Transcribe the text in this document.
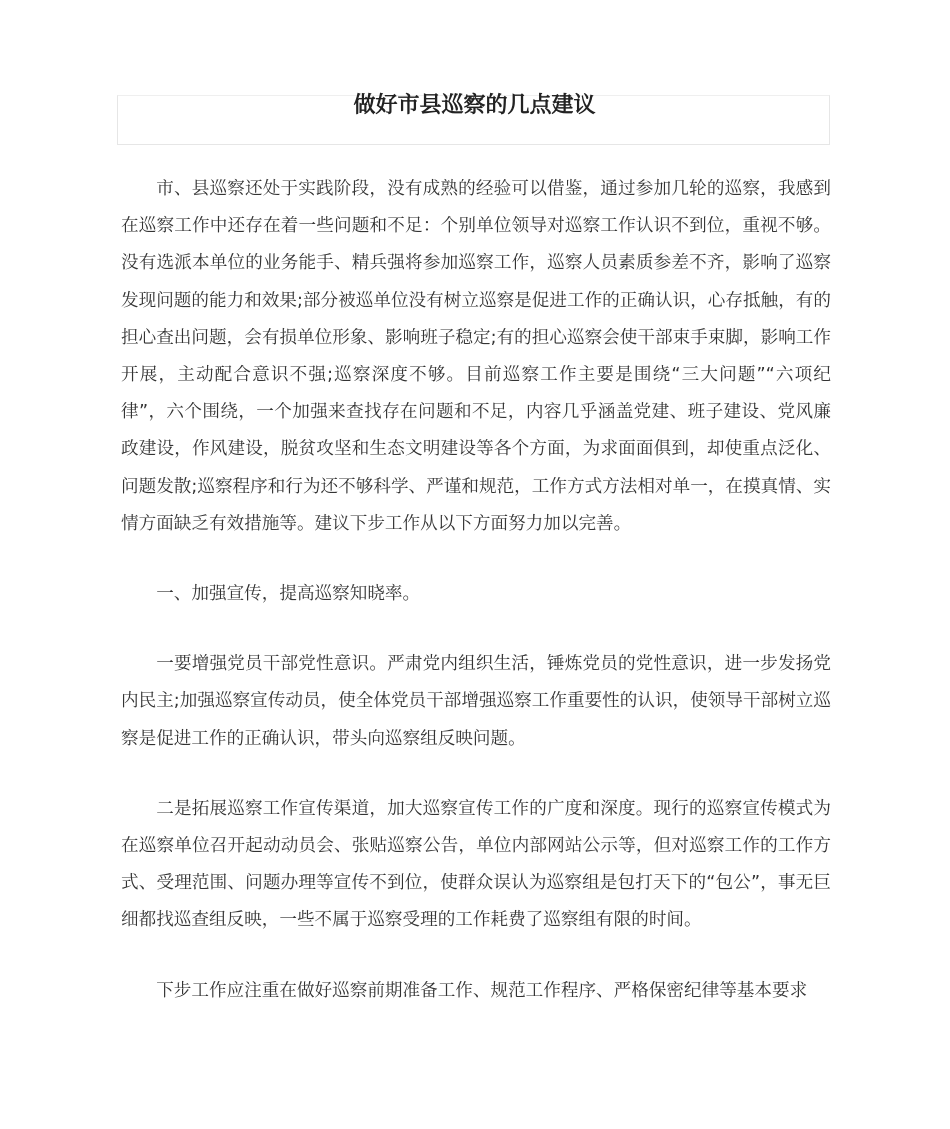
做好市县巡察的几点建议

市、县巡察还处于实践阶段，没有成熟的经验可以借鉴，通过参加几轮的巡察，我感到在巡察工作中还存在着一些问题和不足：个别单位领导对巡察工作认识不到位，重视不够。没有选派本单位的业务能手、精兵强将参加巡察工作，巡察人员素质参差不齐，影响了巡察发现问题的能力和效果;部分被巡单位没有树立巡察是促进工作的正确认识，心存抵触，有的担心查出问题，会有损单位形象、影响班子稳定;有的担心巡察会使干部束手束脚，影响工作开展，主动配合意识不强;巡察深度不够。目前巡察工作主要是围绕“三大问题”“六项纪律”，六个围绕，一个加强来查找存在问题和不足，内容几乎涵盖党建、班子建设、党风廉政建设，作风建设，脱贫攻坚和生态文明建设等各个方面，为求面面俱到，却使重点泛化、问题发散;巡察程序和行为还不够科学、严谨和规范，工作方式方法相对单一，在摸真情、实情方面缺乏有效措施等。建议下步工作从以下方面努力加以完善。

一、加强宣传，提高巡察知晓率。

一要增强党员干部党性意识。严肃党内组织生活，锤炼党员的党性意识，进一步发扬党内民主;加强巡察宣传动员，使全体党员干部增强巡察工作重要性的认识，使领导干部树立巡察是促进工作的正确认识，带头向巡察组反映问题。

二是拓展巡察工作宣传渠道，加大巡察宣传工作的广度和深度。现行的巡察宣传模式为在巡察单位召开起动动员会、张贴巡察公告，单位内部网站公示等，但对巡察工作的工作方式、受理范围、问题办理等宣传不到位，使群众误认为巡察组是包打天下的“包公”，事无巨细都找巡查组反映，一些不属于巡察受理的工作耗费了巡察组有限的时间。

下步工作应注重在做好巡察前期准备工作、规范工作程序、严格保密纪律等基本要求
